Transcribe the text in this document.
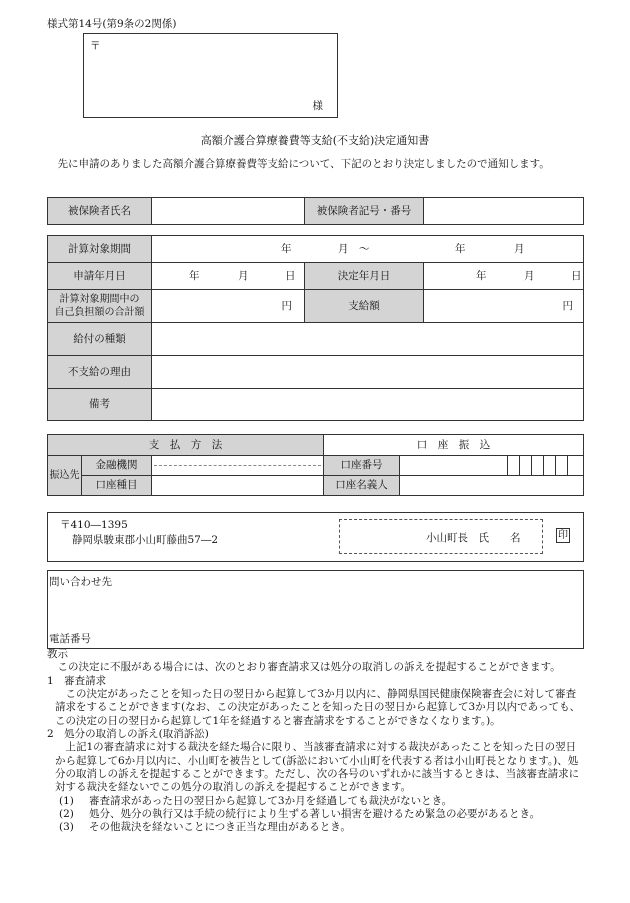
様式第14号(第9条の2関係)
〒
様
高額介護合算療養費等支給(不支給)決定通知書
　先に申請のありました高額介護合算療養費等支給について、下記のとおり決定しましたので通知します。
被保険者氏名		被保険者記号・番号	
計算対象期間	年 月　～ 年 月		

申請年月日	年 月 日	決定年月日	年 月 日

計算対象期間中の
自己負担額の合計額	円	支給額	円
給付の種類			
不支給の理由			
備考			
支　払　方　法			口　座　振　込							
振込先	金融機関		口座番号							
	口座種目		口座名義人							
〒410―1395
静岡県駿東郡小山町藤曲57―2	小山町長　氏　　名	印
問い合わせ先
電話番号

教示

　この決定に不服がある場合には、次のとおり審査請求又は処分の取消しの訴えを提起することができます。

1　審査請求

　この決定があったことを知った日の翌日から起算して3か月以内に、静岡県国民健康保険審査会に対して審査請求をすることができます(なお、この決定があったことを知った日の翌日から起算して3か月以内であっても、この決定の日の翌日から起算して1年を経過すると審査請求をすることができなくなります。)。

2　処分の取消しの訴え(取消訴訟)

　上記1の審査請求に対する裁決を経た場合に限り、当該審査請求に対する裁決があったことを知った日の翌日から起算して6か月以内に、小山町を被告として(訴訟において小山町を代表する者は小山町長となります。)、処分の取消しの訴えを提起することができます。ただし、次の各号のいずれかに該当するときは、当該審査請求に対する裁決を経ないでこの処分の取消しの訴えを提起することができます。

(1)	審査請求があった日の翌日から起算して3か月を経過しても裁決がないとき。
(2)	処分、処分の執行又は手続の続行により生ずる著しい損害を避けるため緊急の必要があるとき。
(3)	その他裁決を経ないことにつき正当な理由があるとき。
